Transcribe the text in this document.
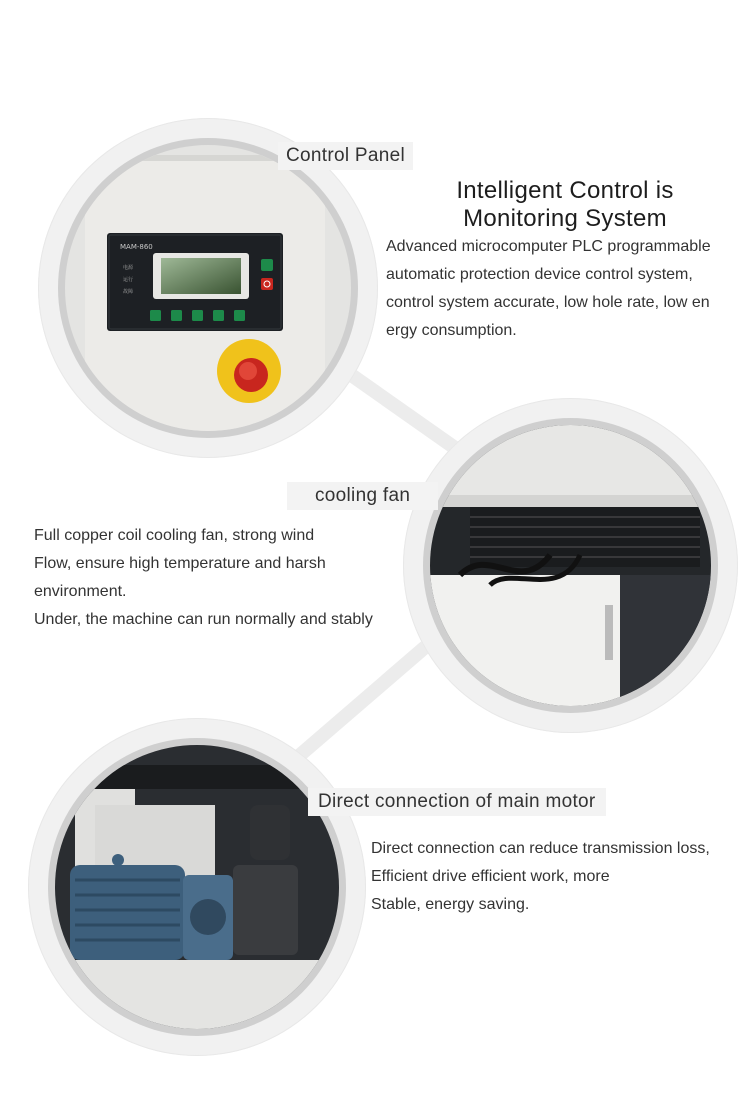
MAM-860
电源
运行
故障
Control Panel
Intelligent Control is
Monitoring System
Advanced microcomputer PLC programmable
automatic protection device control system,
control system accurate, low hole rate, low en
ergy consumption.
cooling fan
Full copper coil cooling fan, strong wind
Flow, ensure high temperature and harsh
environment.
Under, the machine can run normally and stably
Direct connection of main motor
Direct connection can reduce transmission loss,
Efficient drive efficient work, more
Stable, energy saving.
